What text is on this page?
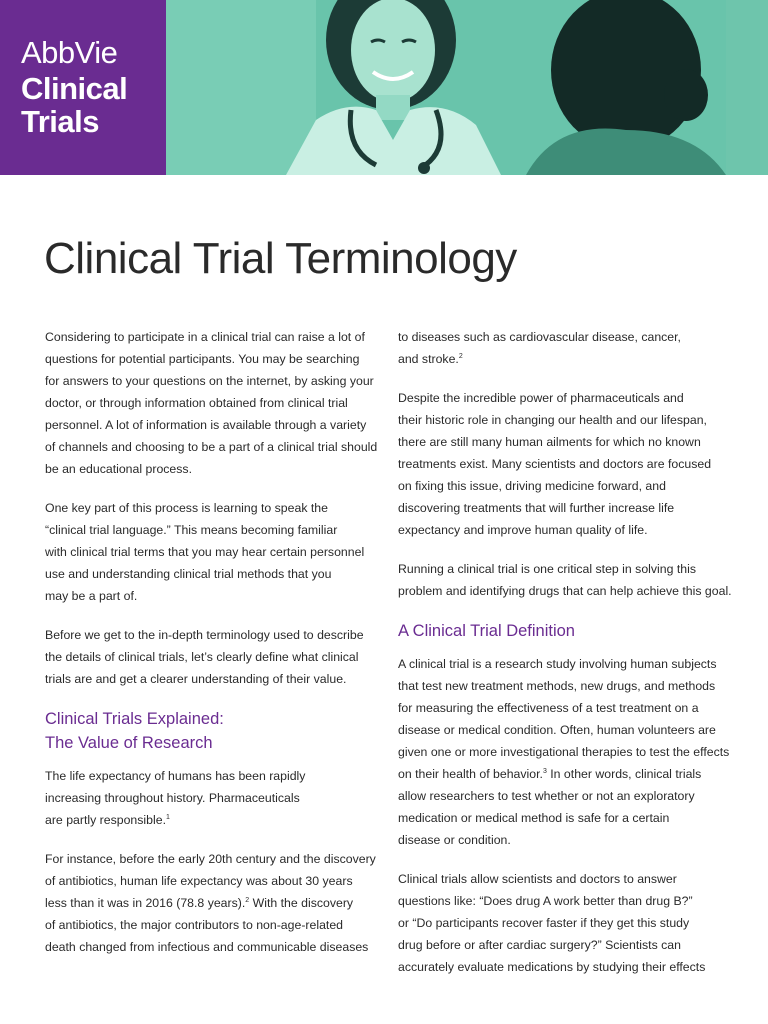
AbbVie
Clinical
Trials
Clinical Trial Terminology

Considering to participate in a clinical trial can raise a lot of
questions for potential participants. You may be searching
for answers to your questions on the internet, by asking your
doctor, or through information obtained from clinical trial
personnel. A lot of information is available through a variety
of channels and choosing to be a part of a clinical trial should
be an educational process.

One key part of this process is learning to speak the
“clinical trial language.” This means becoming familiar
with clinical trial terms that you may hear certain personnel
use and understanding clinical trial methods that you
may be a part of.

Before we get to the in-depth terminology used to describe
the details of clinical trials, let’s clearly define what clinical
trials are and get a clearer understanding of their value.

Clinical Trials Explained:
The Value of Research

The life expectancy of humans has been rapidly
increasing throughout history. Pharmaceuticals
are partly responsible.$^1$

For instance, before the early 20th century and the discovery
of antibiotics, human life expectancy was about 30 years
less than it was in 2016 (78.8 years).$^2$ With the discovery
of antibiotics, the major contributors to non-age-related
death changed from infectious and communicable diseases

to diseases such as cardiovascular disease, cancer,
and stroke.$^2$

Despite the incredible power of pharmaceuticals and
their historic role in changing our health and our lifespan,
there are still many human ailments for which no known
treatments exist. Many scientists and doctors are focused
on fixing this issue, driving medicine forward, and
discovering treatments that will further increase life
expectancy and improve human quality of life.

Running a clinical trial is one critical step in solving this
problem and identifying drugs that can help achieve this goal.

A Clinical Trial Definition

A clinical trial is a research study involving human subjects
that test new treatment methods, new drugs, and methods
for measuring the effectiveness of a test treatment on a
disease or medical condition. Often, human volunteers are
given one or more investigational therapies to test the effects
on their health of behavior.$^3$ In other words, clinical trials
allow researchers to test whether or not an exploratory
medication or medical method is safe for a certain
disease or condition.

Clinical trials allow scientists and doctors to answer
questions like: “Does drug A work better than drug B?”
or “Do participants recover faster if they get this study
drug before or after cardiac surgery?” Scientists can
accurately evaluate medications by studying their effects
